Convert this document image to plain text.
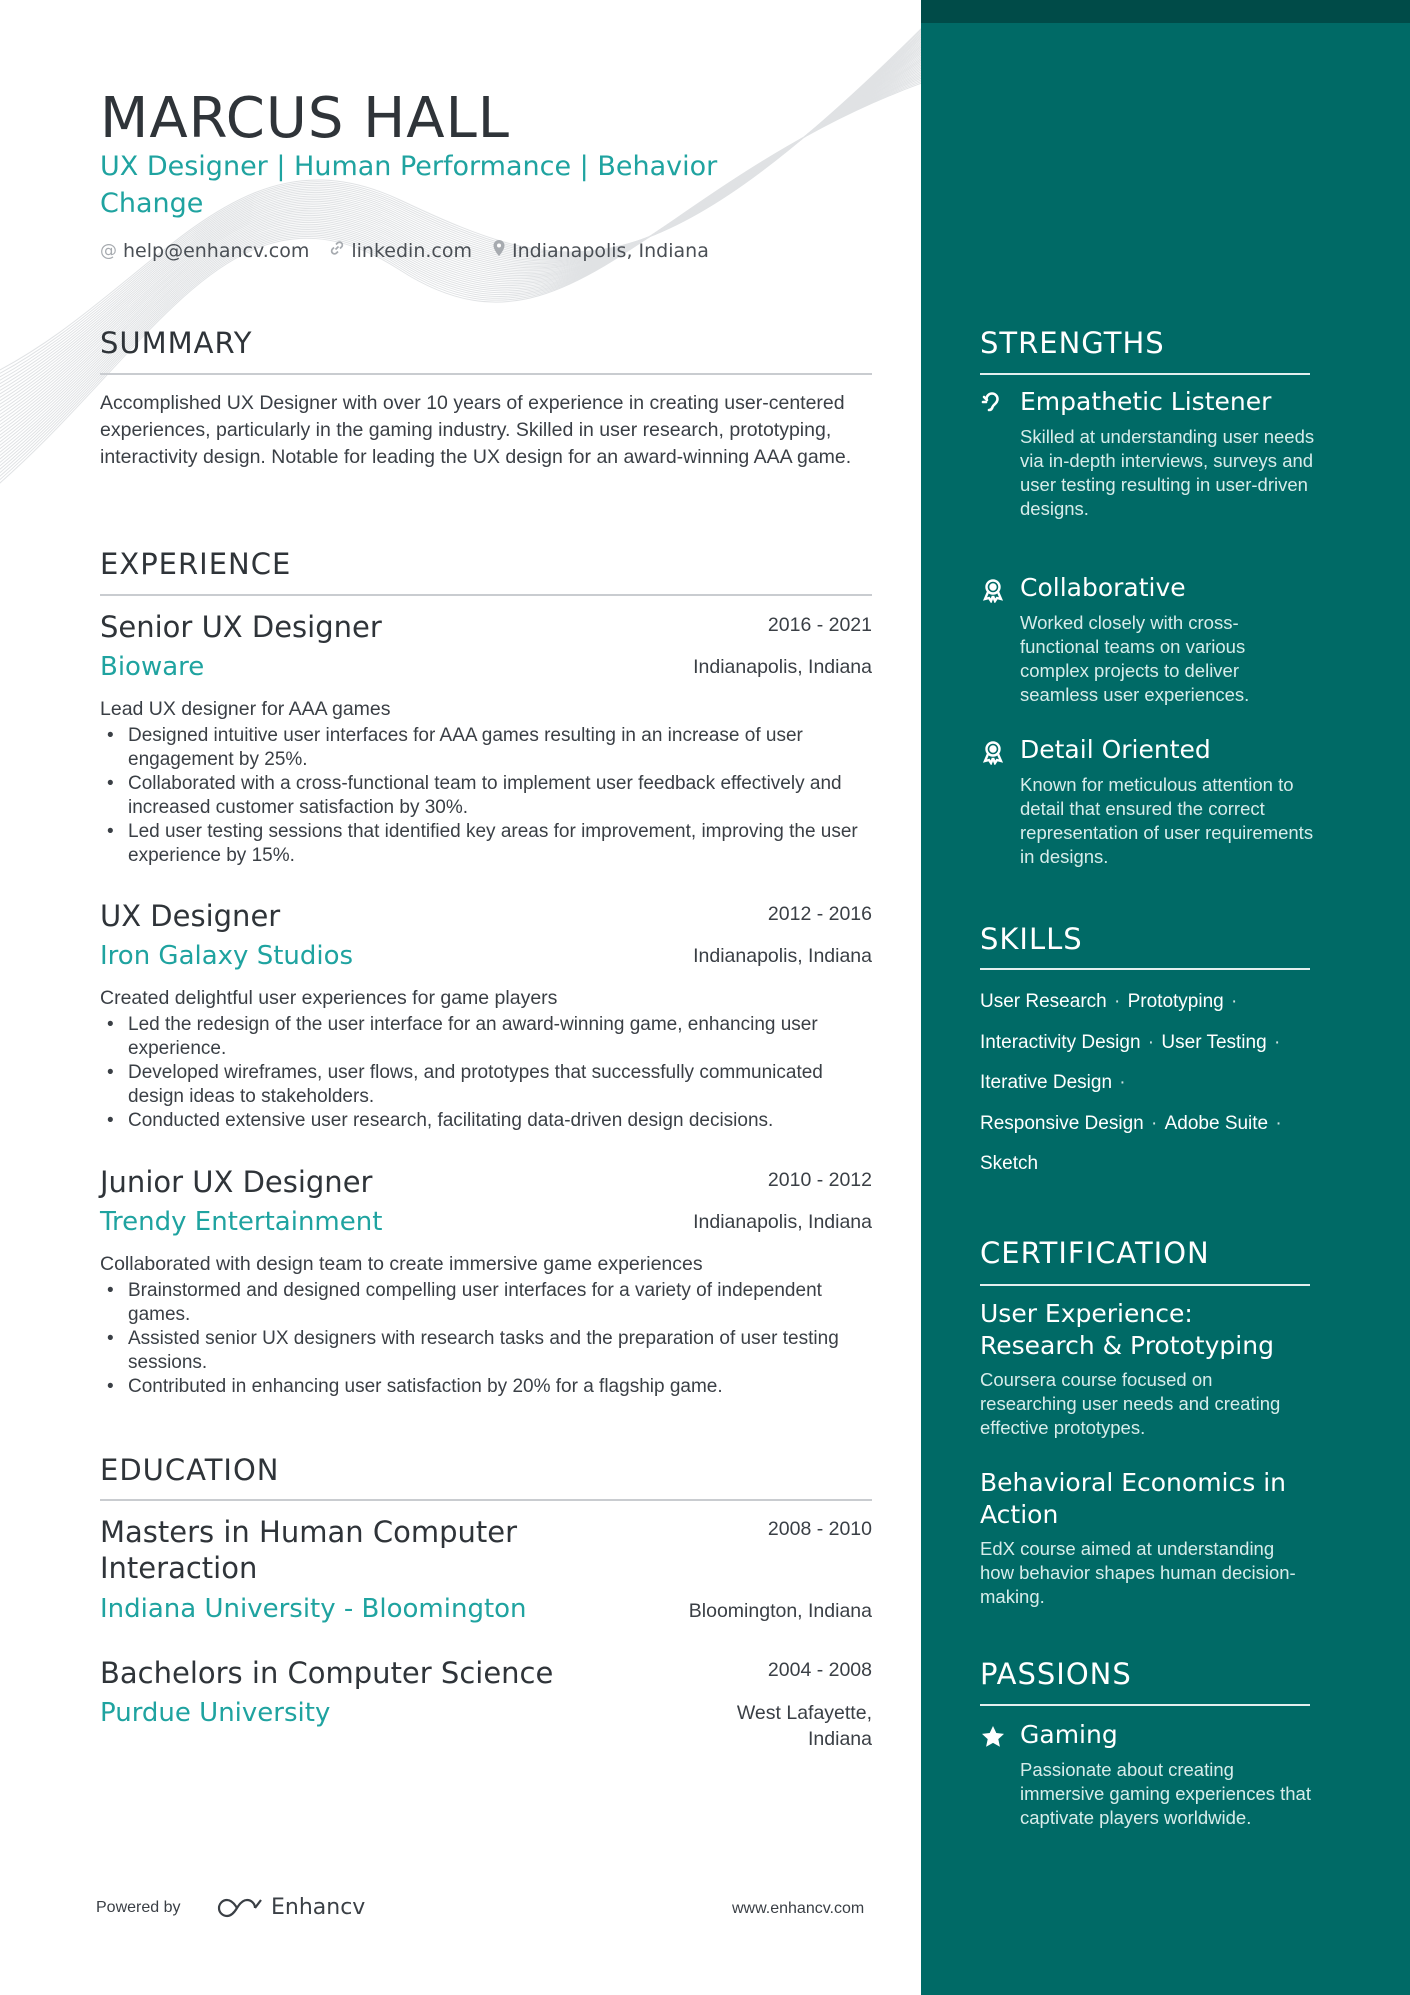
MARCUS HALL
UX Designer | Human Performance | Behavior Change
@ help@enhancv.com linkedin.com Indianapolis, Indiana
SUMMARY

Accomplished UX Designer with over 10 years of experience in creating user-centered experiences, particularly in the gaming industry. Skilled in user research, prototyping, interactivity design. Notable for leading the UX design for an award-winning AAA game.

EXPERIENCE
Senior UX Designer	2016 - 2021
Bioware	Indianapolis, Indiana
Lead UX designer for AAA games
• Designed intuitive user interfaces for AAA games resulting in an increase of user engagement by 25%.
• Collaborated with a cross-functional team to implement user feedback effectively and increased customer satisfaction by 30%.
• Led user testing sessions that identified key areas for improvement, improving the user experience by 15%.
UX Designer	2012 - 2016
Iron Galaxy Studios	Indianapolis, Indiana
Created delightful user experiences for game players
• Led the redesign of the user interface for an award-winning game, enhancing user experience.
• Developed wireframes, user flows, and prototypes that successfully communicated design ideas to stakeholders.
• Conducted extensive user research, facilitating data-driven design decisions.
Junior UX Designer	2010 - 2012
Trendy Entertainment	Indianapolis, Indiana
Collaborated with design team to create immersive game experiences
• Brainstormed and designed compelling user interfaces for a variety of independent games.
• Assisted senior UX designers with research tasks and the preparation of user testing sessions.
• Contributed in enhancing user satisfaction by 20% for a flagship game.
EDUCATION
Masters in Human Computer Interaction
2008 - 2010
Indiana University - Bloomington	Bloomington, Indiana
Bachelors in Computer Science	2004 - 2008
Purdue University	West Lafayette, Indiana
Powered by	Enhancv	www.enhancv.com
STRENGTHS
Empathetic Listener
Skilled at understanding user needs via in-depth interviews, surveys and user testing resulting in user-driven designs.
Collaborative
Worked closely with cross-functional teams on various complex projects to deliver seamless user experiences.
Detail Oriented
Known for meticulous attention to detail that ensured the correct representation of user requirements in designs.
SKILLS
User Research · Prototyping ·
Interactivity Design · User Testing ·
Iterative Design ·
Responsive Design · Adobe Suite ·
Sketch
CERTIFICATION
User Experience: Research & Prototyping
Coursera course focused on researching user needs and creating effective prototypes.
Behavioral Economics in Action
EdX course aimed at understanding how behavior shapes human decision-making.
PASSIONS
Gaming
Passionate about creating immersive gaming experiences that captivate players worldwide.
